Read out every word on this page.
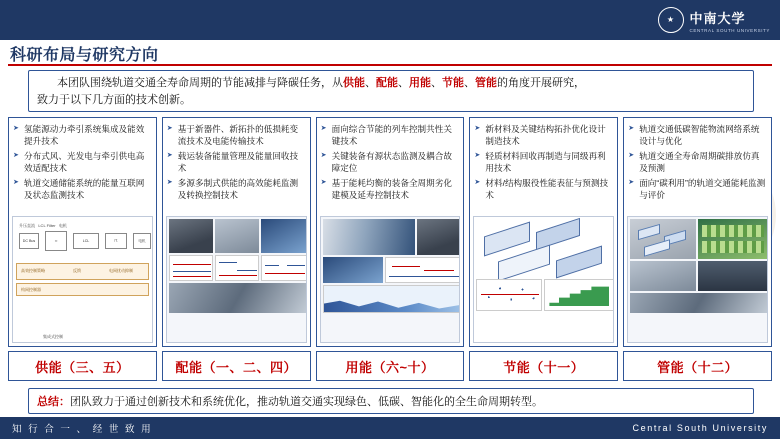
★	中南大学
CENTRAL SOUTH UNIVERSITY
科研布局与研究方向
本团队围绕轨道交通全寿命周期的节能减排与降碳任务，从供能、配能、用能、节能、管能的角度开展研究，
致力于以下几方面的技术创新。
➤ 氢能源动力牵引系统集成及能效提升技术
➤ 分布式风、光发电与牵引供电高效适配技术
➤ 轨道交通储能系统的能量互联网及状态监测技术
DC Bus	≃	LCL	☈	电机
升压直流   LCL Filter   电机
高效控制策略	反馈	电网扰动抑制
构网控制器
集成式控制
➤ 基于新器件、新拓扑的低损耗变流技术及电能传输技术
➤ 载运装备能量管理及能量回收技术
➤ 多源多制式供能的高效能耗监测及转换控制技术
➤ 面向综合节能的列车控制共性关键技术
➤ 关键装备有源状态监测及耦合故障定位
➤ 基于能耗均衡的装备全周期劣化建模及延寿控制技术
➤ 新材料及关键结构拓扑优化设计制造技术
➤ 轻质材料回收再制造与同级再利用技术
➤ 材料/结构服役性能表征与预测技术
➤ 轨道交通低碳智能物流网络系统设计与优化
➤ 轨道交通全寿命周期碳排放仿真及预测
➤ 面向“碳利用”的轨道交通能耗监测与评价
供能（三、五）	配能（一、二、四）	用能（六~十）	节能（十一）	管能（十二）
总结： 团队致力于通过创新技术和系统优化，推动轨道交通实现绿色、低碳、智能化的全生命周期转型。
知 行 合 一 、 经 世 致 用	Central South University
